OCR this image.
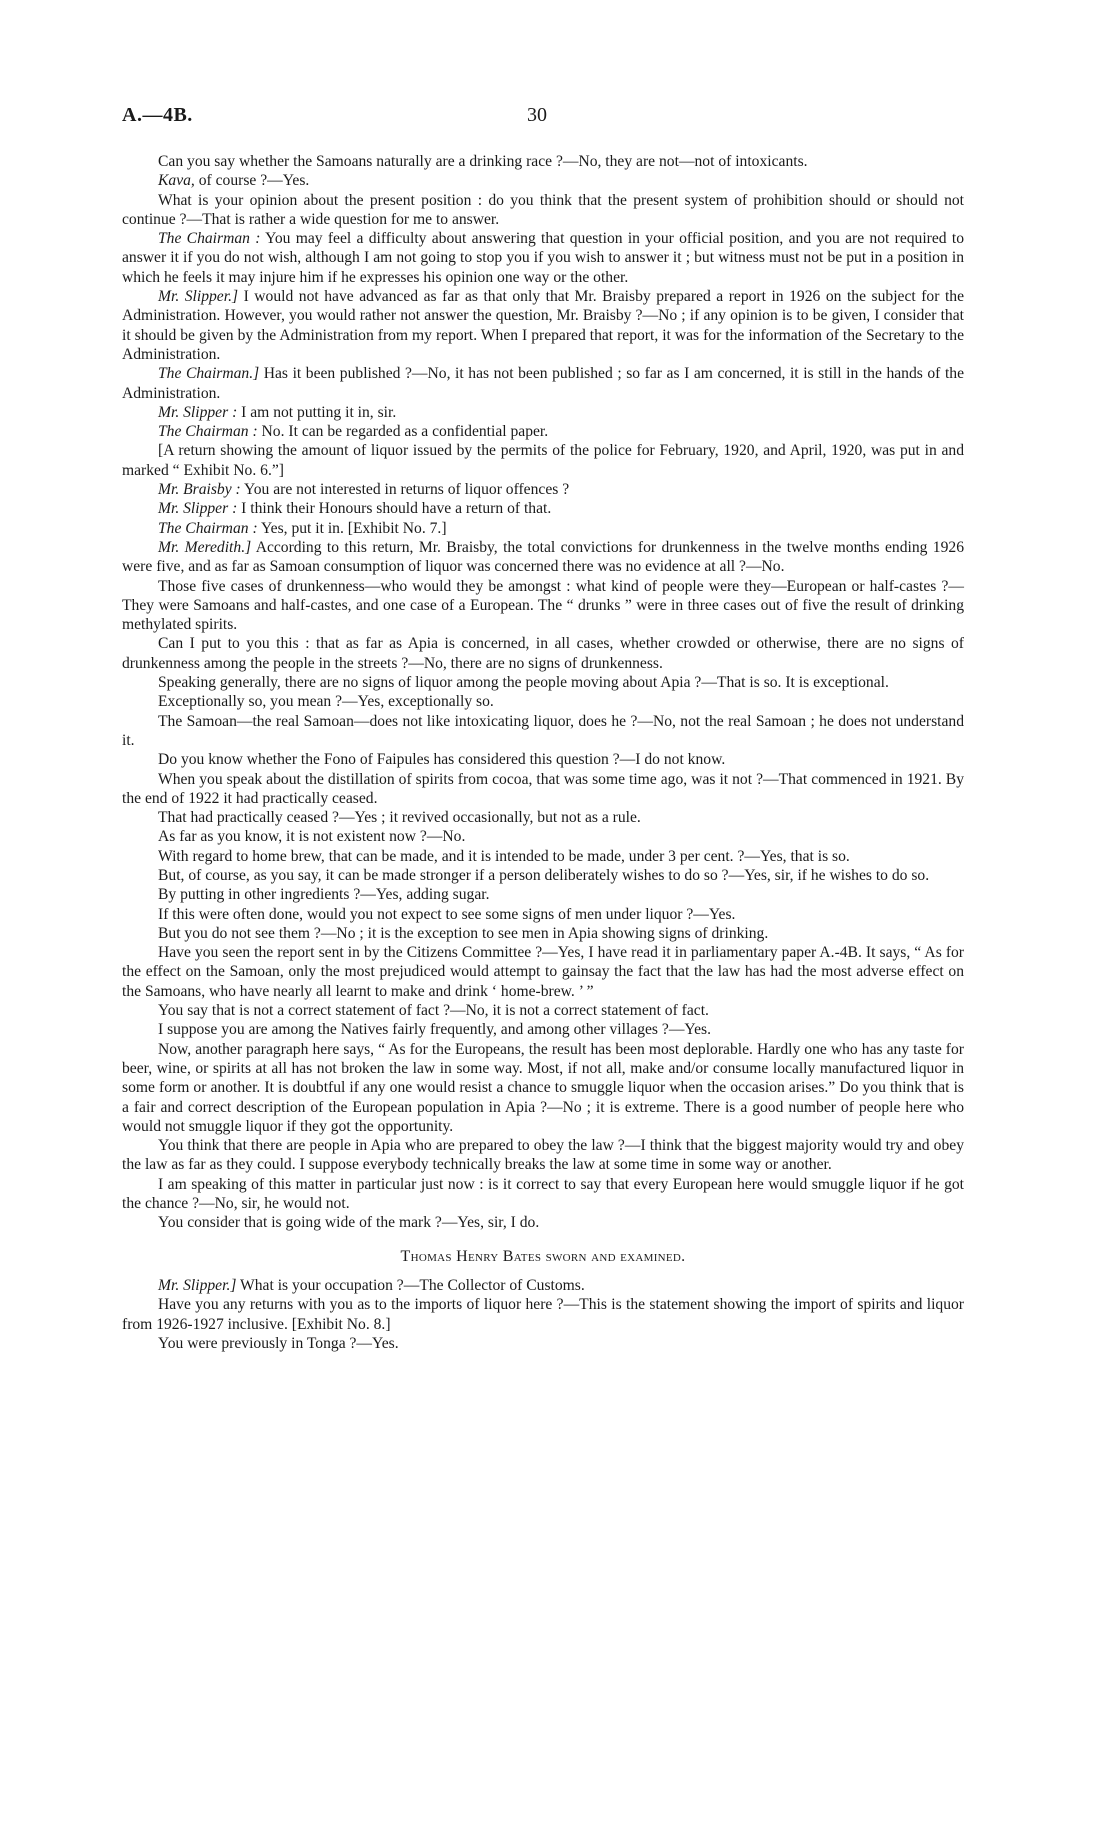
A.—4B.	30

Can you say whether the Samoans naturally are a drinking race ?—No, they are not—not of intoxicants.

Kava, of course ?—Yes.

What is your opinion about the present position : do you think that the present system of prohibition should or should not continue ?—That is rather a wide question for me to answer.

The Chairman : You may feel a difficulty about answering that question in your official position, and you are not required to answer it if you do not wish, although I am not going to stop you if you wish to answer it ; but witness must not be put in a position in which he feels it may injure him if he expresses his opinion one way or the other.

Mr. Slipper.] I would not have advanced as far as that only that Mr. Braisby prepared a report in 1926 on the subject for the Administration. However, you would rather not answer the question, Mr. Braisby ?—No ; if any opinion is to be given, I consider that it should be given by the Administration from my report. When I prepared that report, it was for the information of the Secretary to the Administration.

The Chairman.] Has it been published ?—No, it has not been published ; so far as I am concerned, it is still in the hands of the Administration.

Mr. Slipper : I am not putting it in, sir.

The Chairman : No. It can be regarded as a confidential paper.

[A return showing the amount of liquor issued by the permits of the police for February, 1920, and April, 1920, was put in and marked “ Exhibit No. 6.”]

Mr. Braisby : You are not interested in returns of liquor offences ?

Mr. Slipper : I think their Honours should have a return of that.

The Chairman : Yes, put it in. [Exhibit No. 7.]

Mr. Meredith.] According to this return, Mr. Braisby, the total convictions for drunkenness in the twelve months ending 1926 were five, and as far as Samoan consumption of liquor was concerned there was no evidence at all ?—No.

Those five cases of drunkenness—who would they be amongst : what kind of people were they—European or half-castes ?—They were Samoans and half-castes, and one case of a European. The “ drunks ” were in three cases out of five the result of drinking methylated spirits.

Can I put to you this : that as far as Apia is concerned, in all cases, whether crowded or otherwise, there are no signs of drunkenness among the people in the streets ?—No, there are no signs of drunkenness.

Speaking generally, there are no signs of liquor among the people moving about Apia ?—That is so. It is exceptional.

Exceptionally so, you mean ?—Yes, exceptionally so.

The Samoan—the real Samoan—does not like intoxicating liquor, does he ?—No, not the real Samoan ; he does not understand it.

Do you know whether the Fono of Faipules has considered this question ?—I do not know.

When you speak about the distillation of spirits from cocoa, that was some time ago, was it not ?—That commenced in 1921. By the end of 1922 it had practically ceased.

That had practically ceased ?—Yes ; it revived occasionally, but not as a rule.

As far as you know, it is not existent now ?—No.

With regard to home brew, that can be made, and it is intended to be made, under 3 per cent. ?—Yes, that is so.

But, of course, as you say, it can be made stronger if a person deliberately wishes to do so ?—Yes, sir, if he wishes to do so.

By putting in other ingredients ?—Yes, adding sugar.

If this were often done, would you not expect to see some signs of men under liquor ?—Yes.

But you do not see them ?—No ; it is the exception to see men in Apia showing signs of drinking.

Have you seen the report sent in by the Citizens Committee ?—Yes, I have read it in parliamentary paper A.-4B. It says, “ As for the effect on the Samoan, only the most prejudiced would attempt to gainsay the fact that the law has had the most adverse effect on the Samoans, who have nearly all learnt to make and drink ‘ home-brew. ’ ”

You say that is not a correct statement of fact ?—No, it is not a correct statement of fact.

I suppose you are among the Natives fairly frequently, and among other villages ?—Yes.

Now, another paragraph here says, “ As for the Europeans, the result has been most deplorable. Hardly one who has any taste for beer, wine, or spirits at all has not broken the law in some way. Most, if not all, make and/or consume locally manufactured liquor in some form or another. It is doubtful if any one would resist a chance to smuggle liquor when the occasion arises.” Do you think that is a fair and correct description of the European population in Apia ?—No ; it is extreme. There is a good number of people here who would not smuggle liquor if they got the opportunity.

You think that there are people in Apia who are prepared to obey the law ?—I think that the biggest majority would try and obey the law as far as they could. I suppose everybody technically breaks the law at some time in some way or another.

I am speaking of this matter in particular just now : is it correct to say that every European here would smuggle liquor if he got the chance ?—No, sir, he would not.

You consider that is going wide of the mark ?—Yes, sir, I do.

Thomas Henry Bates sworn and examined.

Mr. Slipper.] What is your occupation ?—The Collector of Customs.

Have you any returns with you as to the imports of liquor here ?—This is the statement showing the import of spirits and liquor from 1926-1927 inclusive. [Exhibit No. 8.]

You were previously in Tonga ?—Yes.
